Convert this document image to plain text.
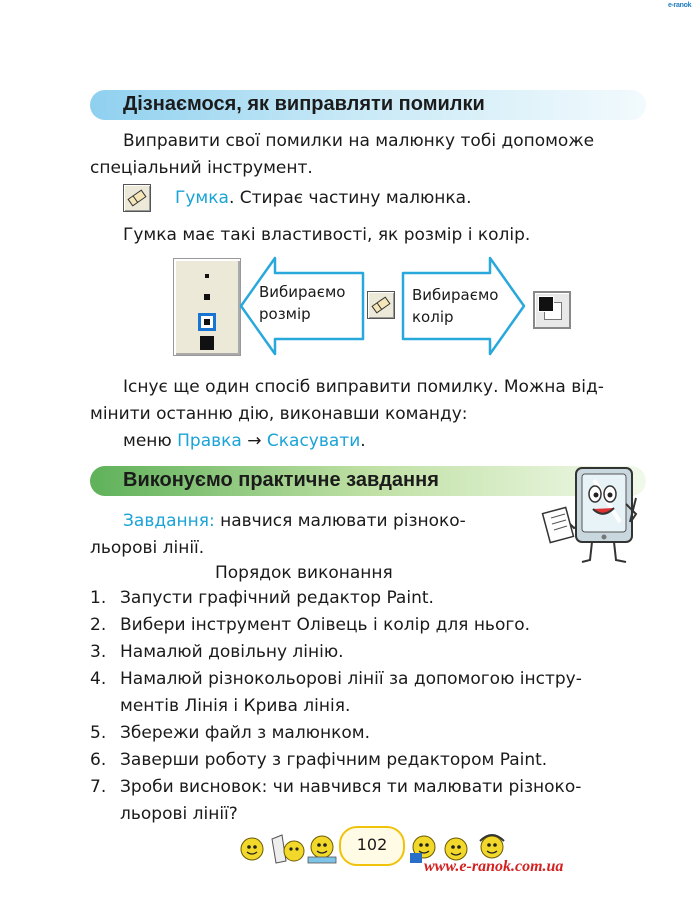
e-ranok
Дізнаємося, як виправляти помилки
Виправити свої помилки на малюнку тобі допоможе
спеціальний інструмент.
Гумка. Стирає частину малюнка.
Гумка має такі властивості, як розмір і колір.
Вибираємо
розмір
Вибираємо
колір
Існує ще один спосіб виправити помилку. Можна від-
мінити останню дію, виконавши команду:
меню Правка → Скасувати.
Виконуємо практичне завдання
Завдання: навчися малювати різноко-
льорові лінії.
Порядок виконання
1. Запусти графічний редактор Paint.
2. Вибери інструмент Олівець і колір для нього.
3. Намалюй довільну лінію.
4. Намалюй різнокольорові лінії за допомогою інстру-
ментів Лінія і Крива лінія.
5. Збережи файл з малюнком.
6. Заверши роботу з графічним редактором Paint.
7. Зроби висновок: чи навчився ти малювати різноко-
льорові лінії?
102
www.e-ranok.com.ua
